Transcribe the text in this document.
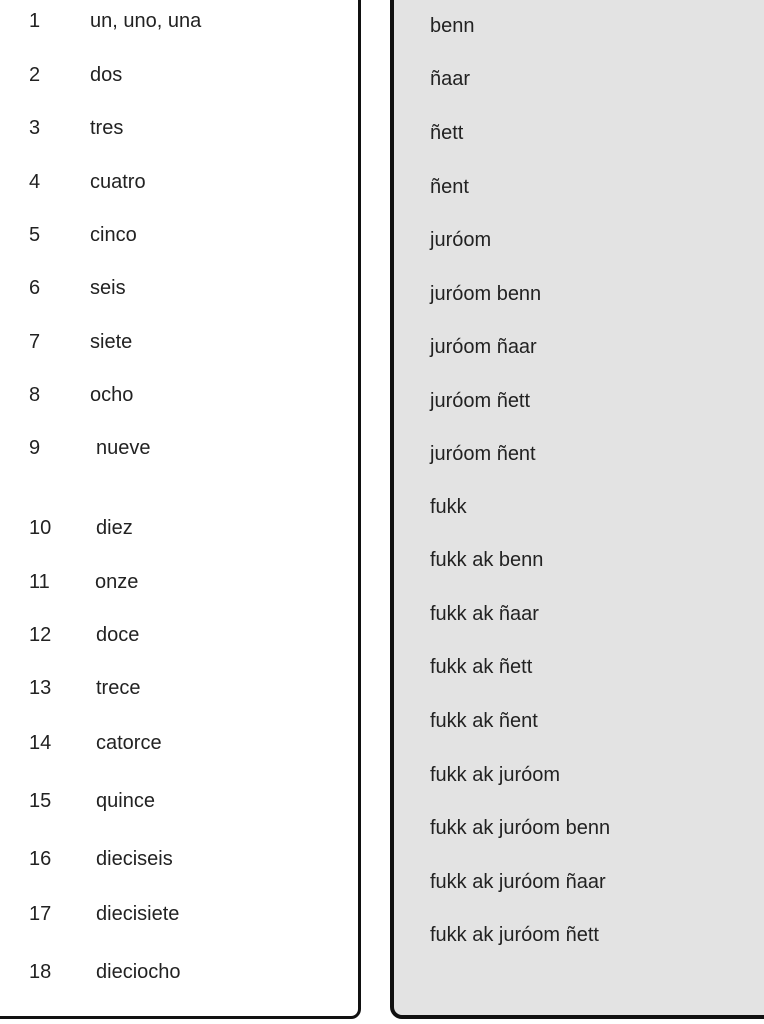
1
2
3
4
5
6
7
8
9
10
11
12
13
14
15
16
17
18
un, uno, una
dos
tres
cuatro
cinco
seis
siete
ocho
nueve
diez
onze
doce
trece
catorce
quince
dieciseis
diecisiete
dieciocho
benn
ñaar
ñett
ñent
juróom
juróom benn
juróom ñaar
juróom ñett
juróom ñent
fukk
fukk ak benn
fukk ak ñaar
fukk ak ñett
fukk ak ñent
fukk ak juróom
fukk ak juróom benn
fukk ak juróom ñaar
fukk ak juróom ñett
